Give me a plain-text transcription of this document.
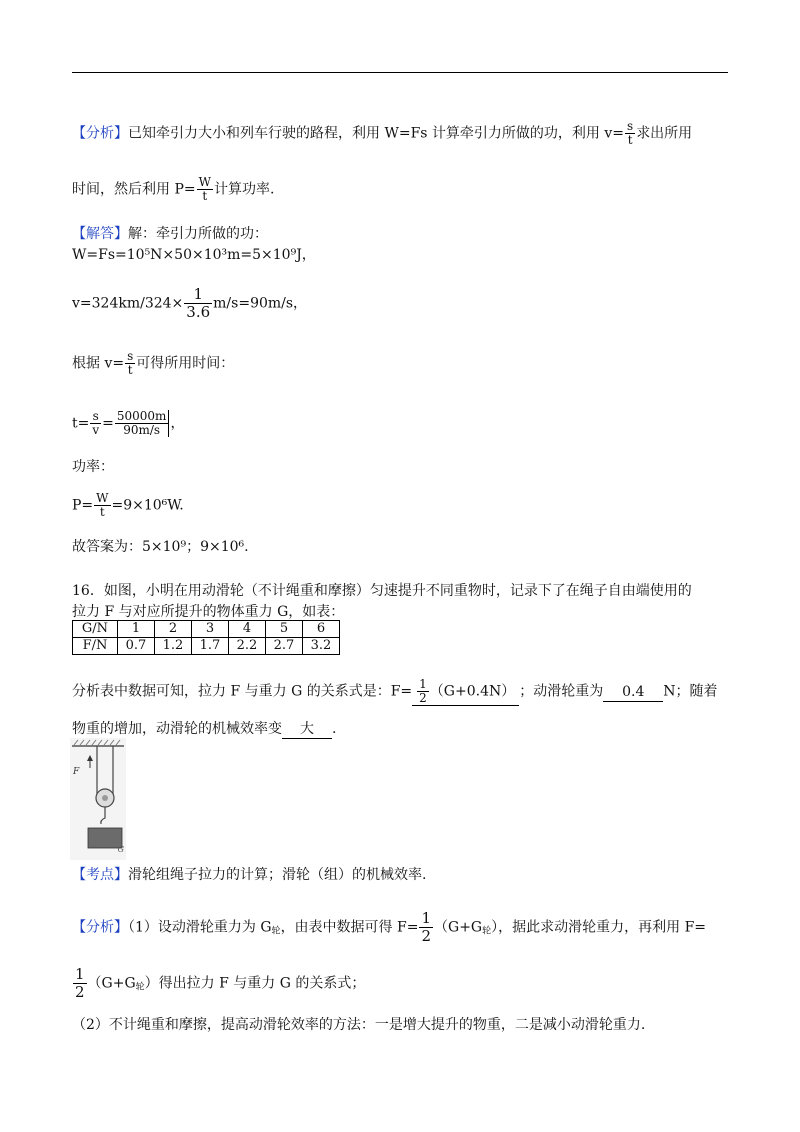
【分析】已知牵引力大小和列车行驶的路程，利用 W=Fs 计算牵引力所做的功，利用 $v= \frac{s}{t}$ 求出所用
时间，然后利用 $P= \frac{W}{t}$ 计算功率.
【解答】解：牵引力所做的功：
W=Fs=10⁵N×50×10³m=5×10⁹J，
$v=324km/324\times \frac{1}{3.6} m/s=90m/s$，
根据 $v= \frac{s}{t}$ 可得所用时间：
$t= \frac{s}{v} = \frac{50000m}{90m/s}$ ，
功率：
$P= \frac{W}{t} =9\times 10^6W$.
故答案为：5×10⁹；9×10⁶.
16．如图，小明在用动滑轮（不计绳重和摩擦）匀速提升不同重物时，记录下了在绳子自由端使用的
拉力 F 与对应所提升的物体重力 G，如表：
G/N	1	2	3	4	5	6
F/N	0.7	1.2	1.7	2.2	2.7	3.2
分析表中数据可知，拉力 F 与重力 G 的关系式是：$F= \frac{1}{2} (G+0.4N)$ ；动滑轮重为 0.4 N；随着
物重的增加，动滑轮的机械效率变 大 .
F
G
【考点】滑轮组绳子拉力的计算；滑轮（组）的机械效率.
【分析】（1）设动滑轮重力为 $G_轮$，由表中数据可得 $F= \frac{1}{2} (G+G_轮)$，据此求动滑轮重力，再利用 F=
$\frac{1}{2} (G+G_轮)$得出拉力 F 与重力 G 的关系式；
（2）不计绳重和摩擦，提高动滑轮效率的方法：一是增大提升的物重，二是减小动滑轮重力.
